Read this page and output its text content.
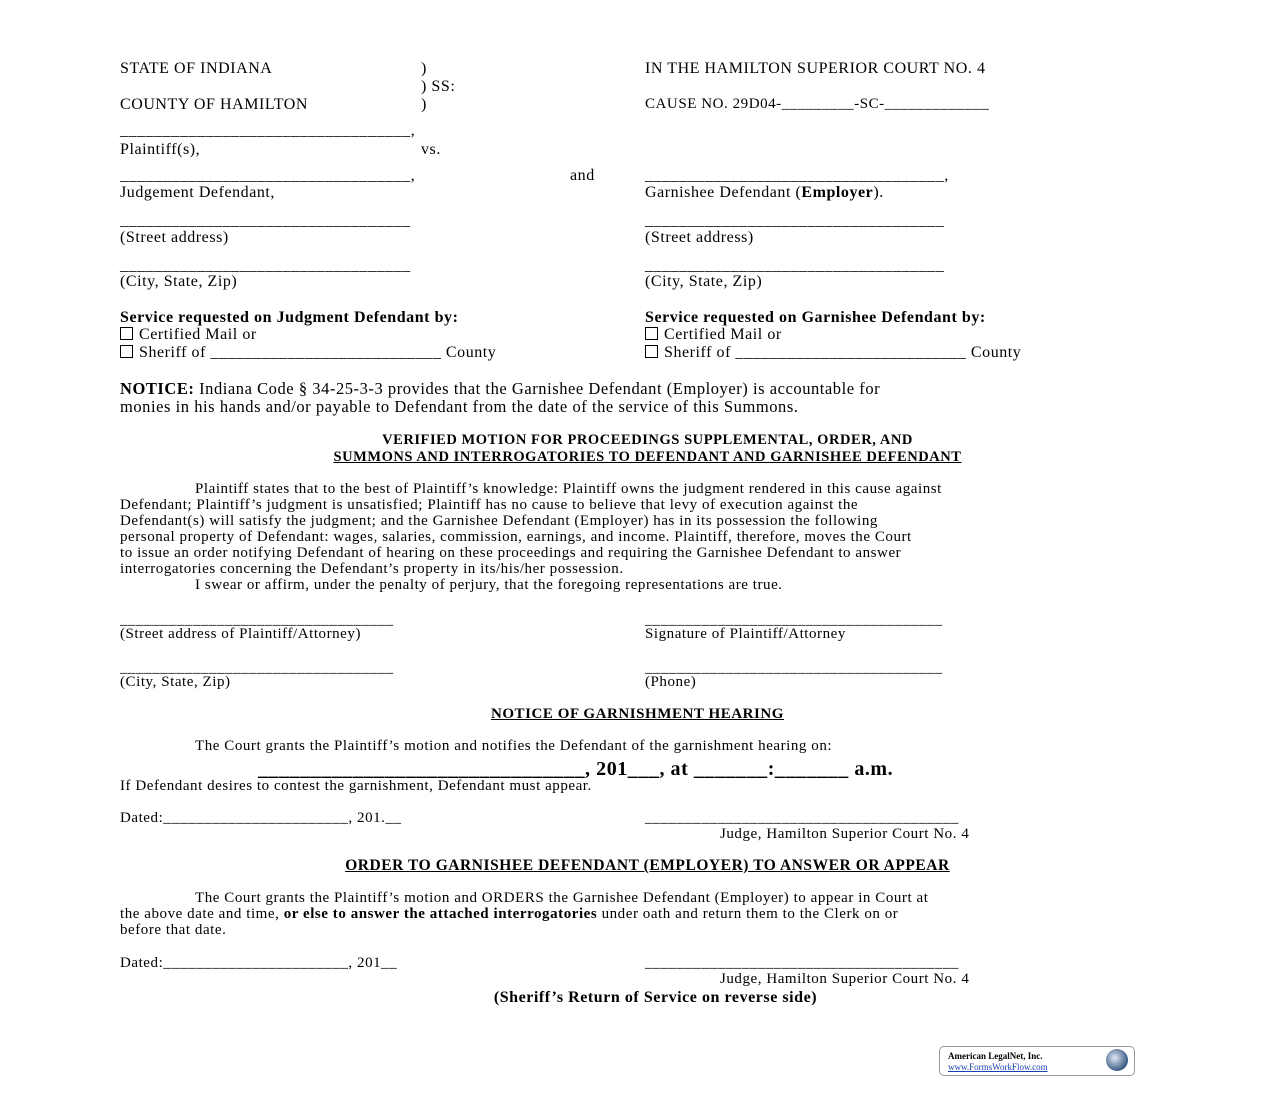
STATE OF INDIANA	)
) SS:
COUNTY OF HAMILTON	)
IN THE HAMILTON SUPERIOR COURT NO. 4
CAUSE NO. 29D04-_________-SC-_____________
__________________________________,
Plaintiff(s),	vs.
__________________________________,	and	___________________________________,
Judgement Defendant,	Garnishee Defendant (Employer).
__________________________________	___________________________________
(Street address)	(Street address)
__________________________________	___________________________________
(City, State, Zip)	(City, State, Zip)
Service requested on Judgment Defendant by:
Certified Mail or
Sheriff of ___________________________ County
Service requested on Garnishee Defendant by:
Certified Mail or
Sheriff of ___________________________ County
NOTICE: Indiana Code § 34-25-3-3 provides that the Garnishee Defendant (Employer) is accountable for
monies in his hands and/or payable to Defendant from the date of the service of this Summons.
VERIFIED MOTION FOR PROCEEDINGS SUPPLEMENTAL, ORDER, AND
SUMMONS AND INTERROGATORIES TO DEFENDANT AND GARNISHEE DEFENDANT
Plaintiff states that to the best of Plaintiff’s knowledge: Plaintiff owns the judgment rendered in this cause against
Defendant; Plaintiff’s judgment is unsatisfied; Plaintiff has no cause to believe that levy of execution against the
Defendant(s) will satisfy the judgment; and the Garnishee Defendant (Employer) has in its possession the following
personal property of Defendant: wages, salaries, commission, earnings, and income. Plaintiff, therefore, moves the Court
to issue an order notifying Defendant of hearing on these proceedings and requiring the Garnishee Defendant to answer
interrogatories concerning the Defendant’s property in its/his/her possession.
I swear or affirm, under the penalty of perjury, that the foregoing representations are true.
__________________________________	_____________________________________
(Street address of Plaintiff/Attorney)	Signature of Plaintiff/Attorney
__________________________________	_____________________________________
(City, State, Zip)	(Phone)
NOTICE OF GARNISHMENT HEARING
The Court grants the Plaintiff’s motion and notifies the Defendant of the garnishment hearing on:
_______________________________, 201___, at _______:_______ a.m.
If Defendant desires to contest the garnishment, Defendant must appear.
Dated:_______________________, 201.__	_______________________________________
Judge, Hamilton Superior Court No. 4
ORDER TO GARNISHEE DEFENDANT (EMPLOYER) TO ANSWER OR APPEAR
The Court grants the Plaintiff’s motion and ORDERS the Garnishee Defendant (Employer) to appear in Court at
the above date and time, or else to answer the attached interrogatories under oath and return them to the Clerk on or
before that date.
Dated:_______________________, 201__	_______________________________________
Judge, Hamilton Superior Court No. 4
(Sheriff’s Return of Service on reverse side)
American LegalNet, Inc.
www.FormsWorkFlow.com
